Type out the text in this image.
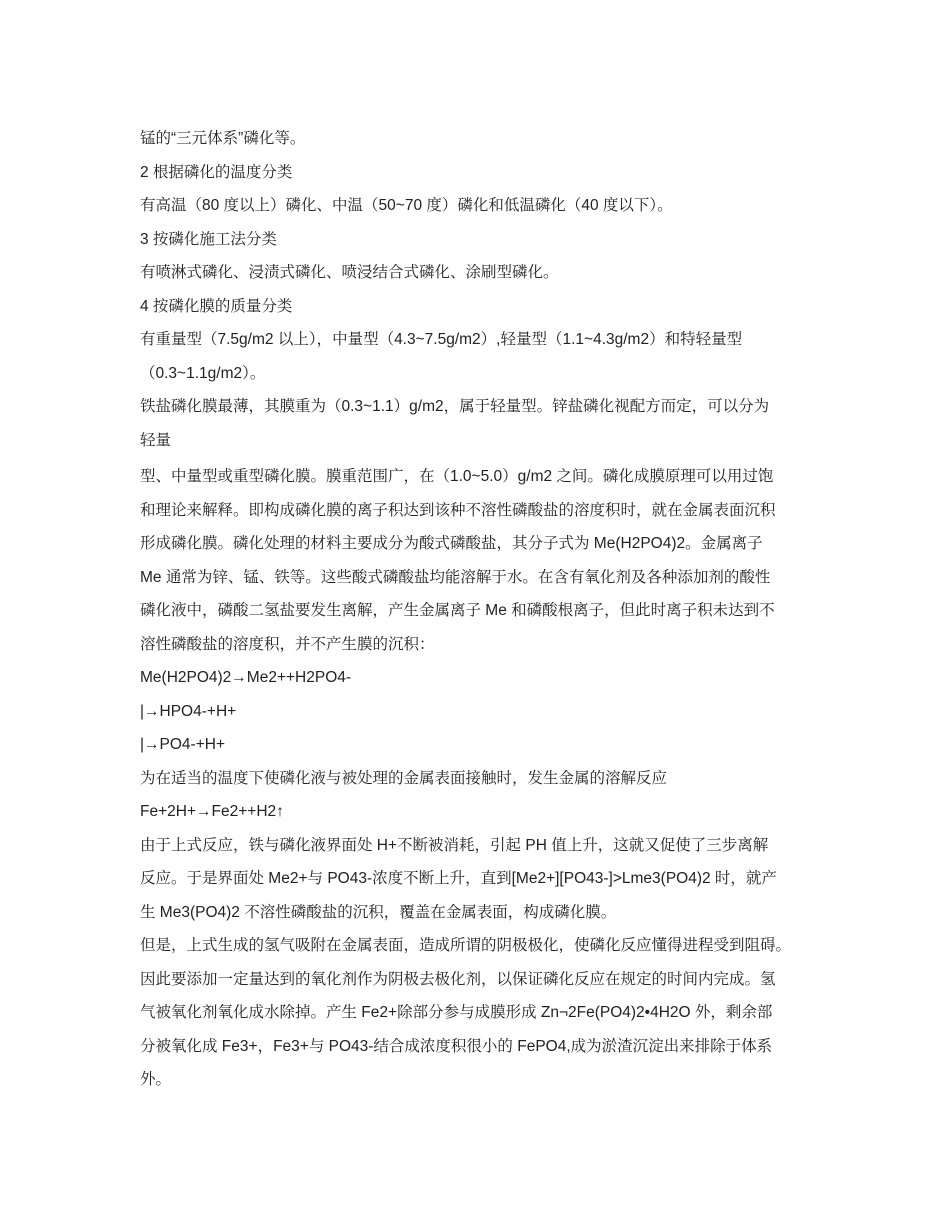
锰的“三元体系”磷化等。

2 根据磷化的温度分类

有高温（80 度以上）磷化、中温（50~70 度）磷化和低温磷化（40 度以下）。

3 按磷化施工法分类

有喷淋式磷化、浸渍式磷化、喷浸结合式磷化、涂刷型磷化。

4 按磷化膜的质量分类

有重量型（7.5g/m2 以上），中量型（4.3~7.5g/m2）,轻量型（1.1~4.3g/m2）和特轻量型

（0.3~1.1g/m2）。

铁盐磷化膜最薄，其膜重为（0.3~1.1）g/m2，属于轻量型。锌盐磷化视配方而定，可以分为

轻量

型、中量型或重型磷化膜。膜重范围广，在（1.0~5.0）g/m2 之间。磷化成膜原理可以用过饱

和理论来解释。即构成磷化膜的离子积达到该种不溶性磷酸盐的溶度积时，就在金属表面沉积

形成磷化膜。磷化处理的材料主要成分为酸式磷酸盐，其分子式为 Me(H2PO4)2。金属离子

Me 通常为锌、锰、铁等。这些酸式磷酸盐均能溶解于水。在含有氧化剂及各种添加剂的酸性

磷化液中，磷酸二氢盐要发生离解，产生金属离子 Me 和磷酸根离子，但此时离子积未达到不

溶性磷酸盐的溶度积，并不产生膜的沉积：

Me(H2PO4)2→Me2++H2PO4-

|→HPO4-+H+

|→PO4-+H+

为在适当的温度下使磷化液与被处理的金属表面接触时，发生金属的溶解反应

Fe+2H+→Fe2++H2↑

由于上式反应，铁与磷化液界面处 H+不断被消耗，引起 PH 值上升，这就又促使了三步离解

反应。于是界面处 Me2+与 PO43-浓度不断上升，直到[Me2+][PO43-]>Lme3(PO4)2 时，就产

生 Me3(PO4)2 不溶性磷酸盐的沉积，覆盖在金属表面，构成磷化膜。

但是，上式生成的氢气吸附在金属表面，造成所谓的阴极极化，使磷化反应懂得进程受到阻碍。

因此要添加一定量达到的氧化剂作为阴极去极化剂，以保证磷化反应在规定的时间内完成。氢

气被氧化剂氧化成水除掉。产生 Fe2+除部分参与成膜形成 Zn¬2Fe(PO4)2•4H2O 外，剩余部

分被氧化成 Fe3+，Fe3+与 PO43-结合成浓度积很小的 FePO4,成为淤渣沉淀出来排除于体系

外。
